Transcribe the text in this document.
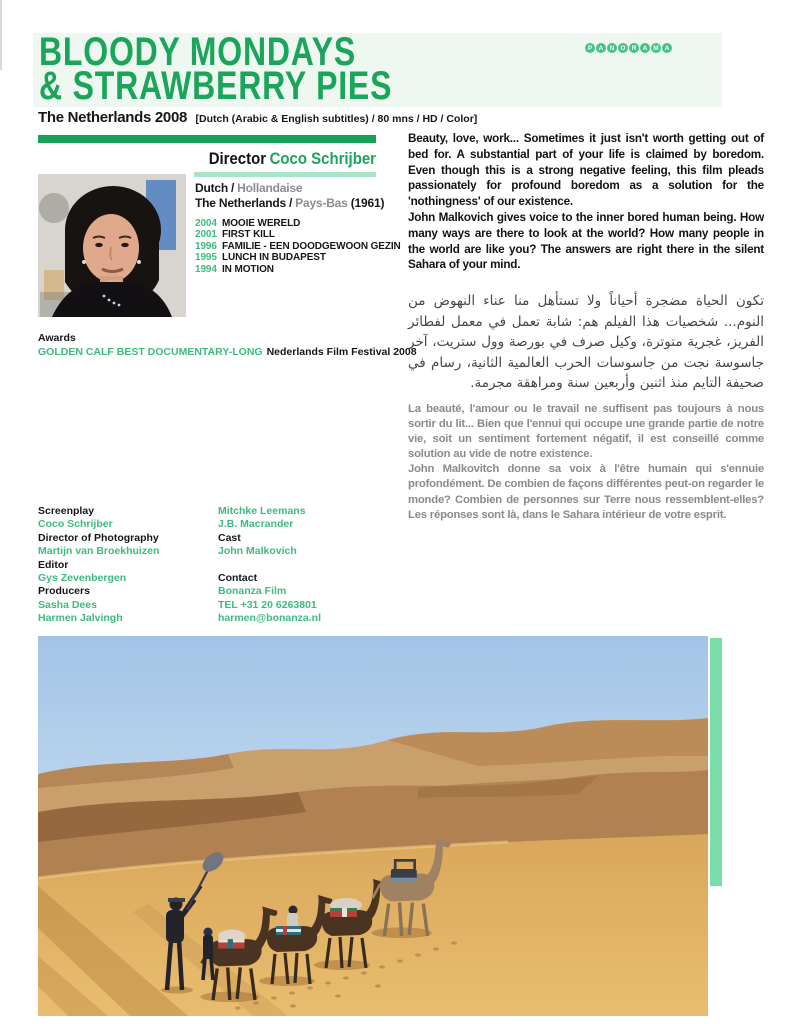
BLOODY MONDAYS
& STRAWBERRY PIES
P A N O R A M A
The Netherlands 2008 [Dutch (Arabic & English subtitles) / 80 mns / HD / Color]
Director Coco Schrijber
Dutch / Hollandaise
The Netherlands / Pays-Bas (1961)
2004 MOOIE WERELD
2001 FIRST KILL
1996 FAMILIE - EEN DOODGEWOON GEZIN
1995 LUNCH IN BUDAPEST
1994 IN MOTION
Awards
GOLDEN CALF BEST DOCUMENTARY-LONG Nederlands Film Festival 2008
Screenplay
Coco Schrijber
Director of Photography
Martijn van Broekhuizen
Editor
Gys Zevenbergen
Producers
Sasha Dees
Harmen Jalvingh
Mitchke Leemans
J.B. Macrander
Cast
John Malkovich
Contact
Bonanza Film
TEL +31 20 6263801
harmen@bonanza.nl

Beauty, love, work... Sometimes it just isn't worth getting out of bed for. A substantial part of your life is claimed by boredom. Even though this is a strong negative feeling, this film pleads passionately for profound boredom as a solution for the 'nothingness' of our existence.

John Malkovich gives voice to the inner bored human being. How many ways are there to look at the world? How many people in the world are like you? The answers are right there in the silent Sahara of your mind.

تكون الحياة مضجرة أحياناً ولا تستأهل منا عناء النهوض من النوم... شخصيات هذا الفيلم هم: شابة تعمل في معمل لفطائر الفريز، غجرية متوترة، وكيل صرف في بورصة وول ستريت، آخر جاسوسة نجت من جاسوسات الحرب العالمية الثانية، رسام في صحيفة التايم منذ اثنين وأربعين سنة ومراهقة مجرمة.

La beauté, l'amour ou le travail ne suffisent pas toujours à nous sortir du lit... Bien que l'ennui qui occupe une grande partie de notre vie, soit un sentiment fortement négatif, il est conseillé comme solution au vide de notre existence.

John Malkovitch donne sa voix à l'être humain qui s'ennuie profondément. De combien de façons différentes peut-on regarder le monde? Combien de personnes sur Terre nous ressemblent-elles? Les réponses sont là, dans le Sahara intérieur de votre esprit.
